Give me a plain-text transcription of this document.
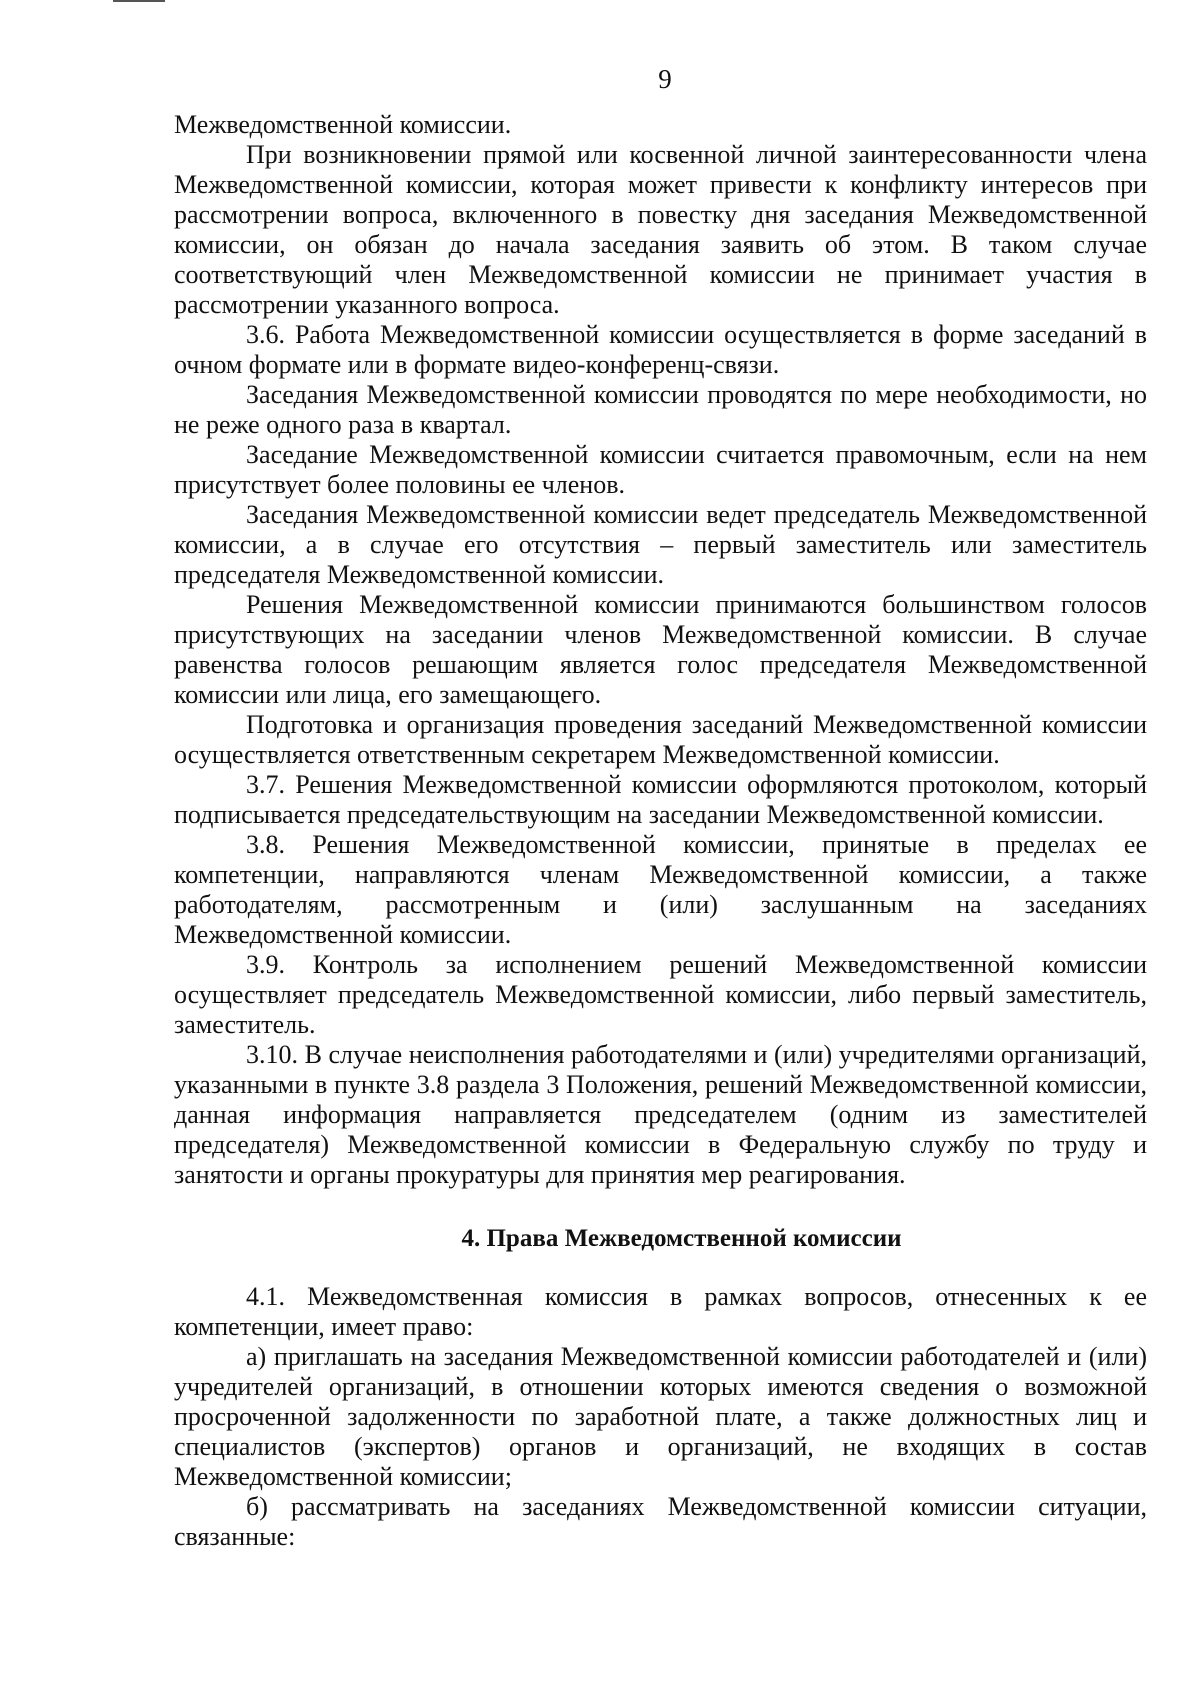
9

Межведомственной комиссии.

При возникновении прямой или косвенной личной заинтересованности члена Межведомственной комиссии, которая может привести к конфликту интересов при рассмотрении вопроса, включенного в повестку дня заседания Межведомственной комиссии, он обязан до начала заседания заявить об этом. В таком случае соответствующий член Межведомственной комиссии не принимает участия в рассмотрении указанного вопроса.

3.6. Работа Межведомственной комиссии осуществляется в форме заседаний в очном формате или в формате видео-конференц-связи.

Заседания Межведомственной комиссии проводятся по мере необходимости, но не реже одного раза в квартал.

Заседание Межведомственной комиссии считается правомочным, если на нем присутствует более половины ее членов.

Заседания Межведомственной комиссии ведет председатель Межведомственной комиссии, а в случае его отсутствия – первый заместитель или заместитель председателя Межведомственной комиссии.

Решения Межведомственной комиссии принимаются большинством голосов присутствующих на заседании членов Межведомственной комиссии. В случае равенства голосов решающим является голос председателя Межведомственной комиссии или лица, его замещающего.

Подготовка и организация проведения заседаний Межведомственной комиссии осуществляется ответственным секретарем Межведомственной комиссии.

3.7. Решения Межведомственной комиссии оформляются протоколом, который подписывается председательствующим на заседании Межведомственной комиссии.

3.8. Решения Межведомственной комиссии, принятые в пределах ее компетенции, направляются членам Межведомственной комиссии, а также работодателям, рассмотренным и (или) заслушанным на заседаниях Межведомственной комиссии.

3.9. Контроль за исполнением решений Межведомственной комиссии осуществляет председатель Межведомственной комиссии, либо первый заместитель, заместитель.

3.10. В случае неисполнения работодателями и (или) учредителями организаций, указанными в пункте 3.8 раздела 3 Положения, решений Межведомственной комиссии, данная информация направляется председателем (одним из заместителей председателя) Межведомственной комиссии в Федеральную службу по труду и занятости и органы прокуратуры для принятия мер реагирования.

4. Права Межведомственной комиссии

4.1. Межведомственная комиссия в рамках вопросов, отнесенных к ее компетенции, имеет право:

а) приглашать на заседания Межведомственной комиссии работодателей и (или) учредителей организаций, в отношении которых имеются сведения о возможной просроченной задолженности по заработной плате, а также должностных лиц и специалистов (экспертов) органов и организаций, не входящих в состав Межведомственной комиссии;

б) рассматривать на заседаниях Межведомственной комиссии ситуации, связанные:
